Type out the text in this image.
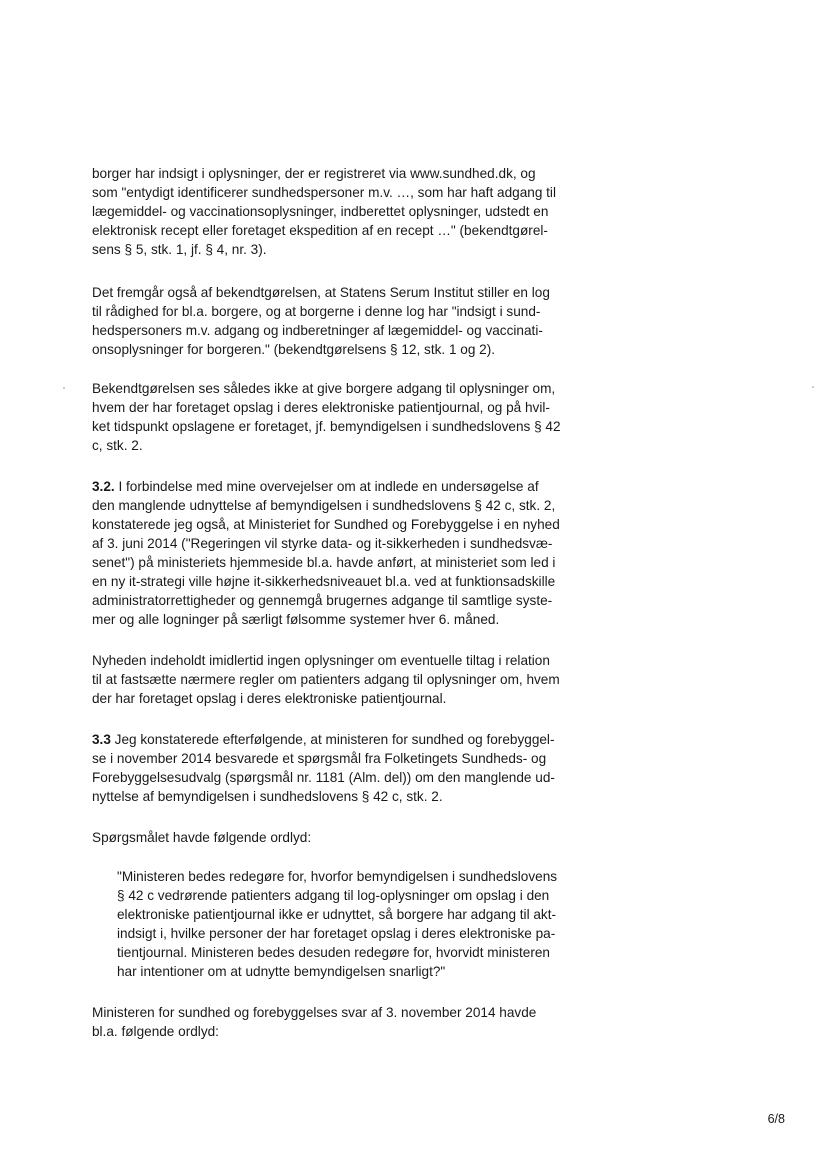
borger har indsigt i oplysninger, der er registreret via www.sundhed.dk, og
som "entydigt identificerer sundhedspersoner m.v. …, som har haft adgang til
lægemiddel- og vaccinationsoplysninger, indberettet oplysninger, udstedt en
elektronisk recept eller foretaget ekspedition af en recept …" (bekendtgørel-
sens § 5, stk. 1, jf. § 4, nr. 3).
Det fremgår også af bekendtgørelsen, at Statens Serum Institut stiller en log
til rådighed for bl.a. borgere, og at borgerne i denne log har "indsigt i sund-
hedspersoners m.v. adgang og indberetninger af lægemiddel- og vaccinati-
onsoplysninger for borgeren." (bekendtgørelsens § 12, stk. 1 og 2).
Bekendtgørelsen ses således ikke at give borgere adgang til oplysninger om,
hvem der har foretaget opslag i deres elektroniske patientjournal, og på hvil-
ket tidspunkt opslagene er foretaget, jf. bemyndigelsen i sundhedslovens § 42
c, stk. 2.
3.2. I forbindelse med mine overvejelser om at indlede en undersøgelse af
den manglende udnyttelse af bemyndigelsen i sundhedslovens § 42 c, stk. 2,
konstaterede jeg også, at Ministeriet for Sundhed og Forebyggelse i en nyhed
af 3. juni 2014 ("Regeringen vil styrke data- og it-sikkerheden i sundhedsvæ-
senet") på ministeriets hjemmeside bl.a. havde anført, at ministeriet som led i
en ny it-strategi ville højne it-sikkerhedsniveauet bl.a. ved at funktionsadskille
administratorrettigheder og gennemgå brugernes adgange til samtlige syste-
mer og alle logninger på særligt følsomme systemer hver 6. måned.
Nyheden indeholdt imidlertid ingen oplysninger om eventuelle tiltag i relation
til at fastsætte nærmere regler om patienters adgang til oplysninger om, hvem
der har foretaget opslag i deres elektroniske patientjournal.
3.3 Jeg konstaterede efterfølgende, at ministeren for sundhed og forebyggel-
se i november 2014 besvarede et spørgsmål fra Folketingets Sundheds- og
Forebyggelsesudvalg (spørgsmål nr. 1181 (Alm. del)) om den manglende ud-
nyttelse af bemyndigelsen i sundhedslovens § 42 c, stk. 2.
Spørgsmålet havde følgende ordlyd:
"Ministeren bedes redegøre for, hvorfor bemyndigelsen i sundhedslovens
§ 42 c vedrørende patienters adgang til log-oplysninger om opslag i den
elektroniske patientjournal ikke er udnyttet, så borgere har adgang til akt-
indsigt i, hvilke personer der har foretaget opslag i deres elektroniske pa-
tientjournal. Ministeren bedes desuden redegøre for, hvorvidt ministeren
har intentioner om at udnytte bemyndigelsen snarligt?"
Ministeren for sundhed og forebyggelses svar af 3. november 2014 havde
bl.a. følgende ordlyd:
6/8
